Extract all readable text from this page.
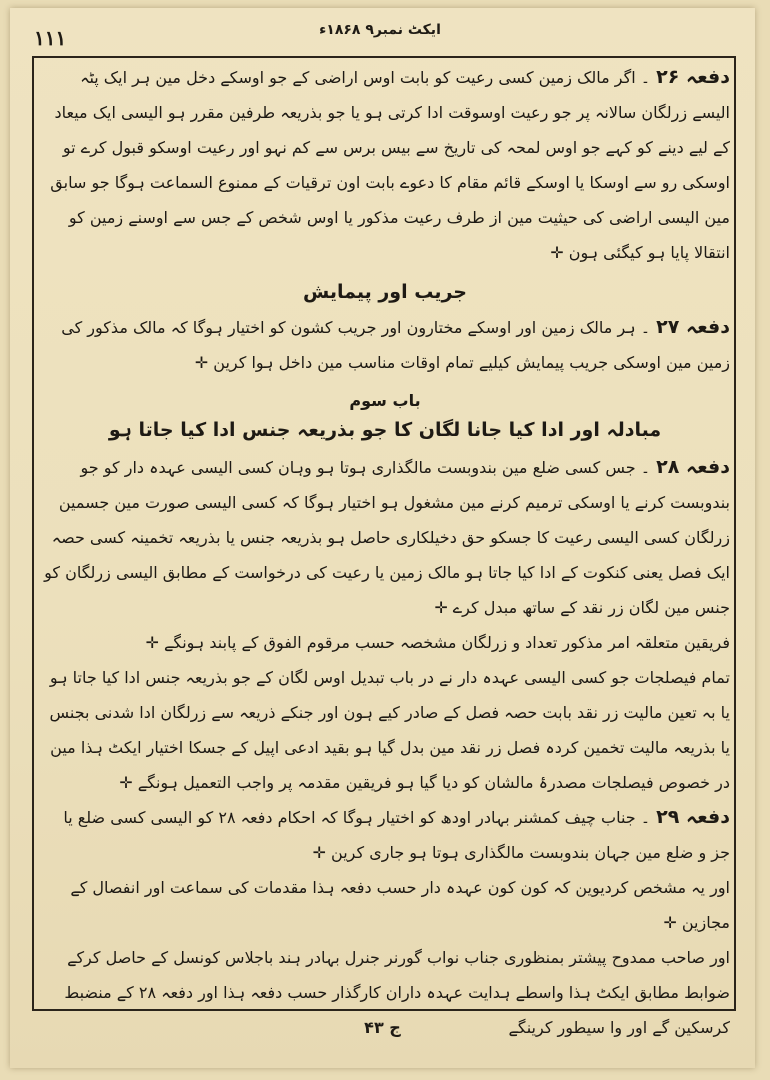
۱۱۱	ایکٹ نمبر۹ ۱۸۶۸ء

دفعہ ۲۶۔ اگر مالک زمین کسی رعیت کو بابت اوس اراضی کے جو اوسکے دخل مین ہر ایک پٹہ الیسے زرلگان سالانہ پر جو رعیت اوسوقت ادا کرتی ہو یا جو بذریعہ طرفین مقرر ہو الیسی ایک میعاد کے لیے دینے کو کہے جو اوس لمحہ کی تاریخ سے بیس برس سے کم نہو اور رعیت اوسکو قبول کرے تو اوسکی رو سے اوسکا یا اوسکے قائم مقام کا دعوے بابت اون ترقیات کے ممنوع السماعت ہوگا جو سابق مین الیسی اراضی کی حیثیت مین از طرف رعیت مذکور یا اوس شخص کے جس سے اوسنے زمین کو انتقالا پایا ہو کیگئی ہون ✛

جریب اور پیمایش

دفعہ ۲۷۔ ہر مالک زمین اور اوسکے مختارون اور جریب کشون کو اختیار ہوگا کہ مالک مذکور کی زمین مین اوسکی جریب پیمایش کیلیے تمام اوقات مناسب مین داخل ہوا کرین ✛

باب سوم
مبادلہ اور ادا کیا جانا لگان کا جو بذریعہ جنس ادا کیا جاتا ہو

دفعہ ۲۸۔ جس کسی ضلع مین بندوبست مالگذاری ہوتا ہو وہان کسی الیسی عہدہ دار کو جو بندوبست کرنے یا اوسکی ترمیم کرنے مین مشغول ہو اختیار ہوگا کہ کسی الیسی صورت مین جسمین زرلگان کسی الیسی رعیت کا جسکو حق دخیلکاری حاصل ہو بذریعہ جنس یا بذریعہ تخمینہ کسی حصہ ایک فصل یعنی کنکوت کے ادا کیا جاتا ہو مالک زمین یا رعیت کی درخواست کے مطابق الیسی زرلگان کو جنس مین لگان زر نقد کے ساتھ مبدل کرے ✛

فریقین متعلقہ امر مذکور تعداد و زرلگان مشخصہ حسب مرقوم الفوق کے پابند ہونگے ✛

تمام فیصلجات جو کسی الیسی عہدہ دار نے در باب تبدیل اوس لگان کے جو بذریعہ جنس ادا کیا جاتا ہو یا بہ تعین مالیت زر نقد بابت حصہ فصل کے صادر کیے ہون اور جنکے ذریعہ سے زرلگان ادا شدنی بجنس یا بذریعہ مالیت تخمین کردہ فصل زر نقد مین بدل گیا ہو بقید ادعی اپیل کے جسکا اختیار ایکٹ ہذا مین در خصوص فیصلجات مصدرۂ مالشان کو دیا گیا ہو فریقین مقدمہ پر واجب التعمیل ہونگے ✛

دفعہ ۲۹۔ جناب چیف کمشنر بہادر اودھ کو اختیار ہوگا کہ احکام دفعہ ۲۸ کو الیسی کسی ضلع یا جز و ضلع مین جہان بندوبست مالگذاری ہوتا ہو جاری کرین ✛

اور یہ مشخص کردیوین کہ کون کون عہدہ دار حسب دفعہ ہذا مقدمات کی سماعت اور انفصال کے مجازین ✛

اور صاحب ممدوح پیشتر بمنظوری جناب نواب گورنر جنرل بہادر ہند باجلاس کونسل کے حاصل کرکے ضوابط مطابق ایکٹ ہذا واسطے ہدایت عہدہ داران کارگذار حسب دفعہ ہذا اور دفعہ ۲۸ کے منضبط کرسکین گے اور وا سیطور کرینگے

۴۳ ج
